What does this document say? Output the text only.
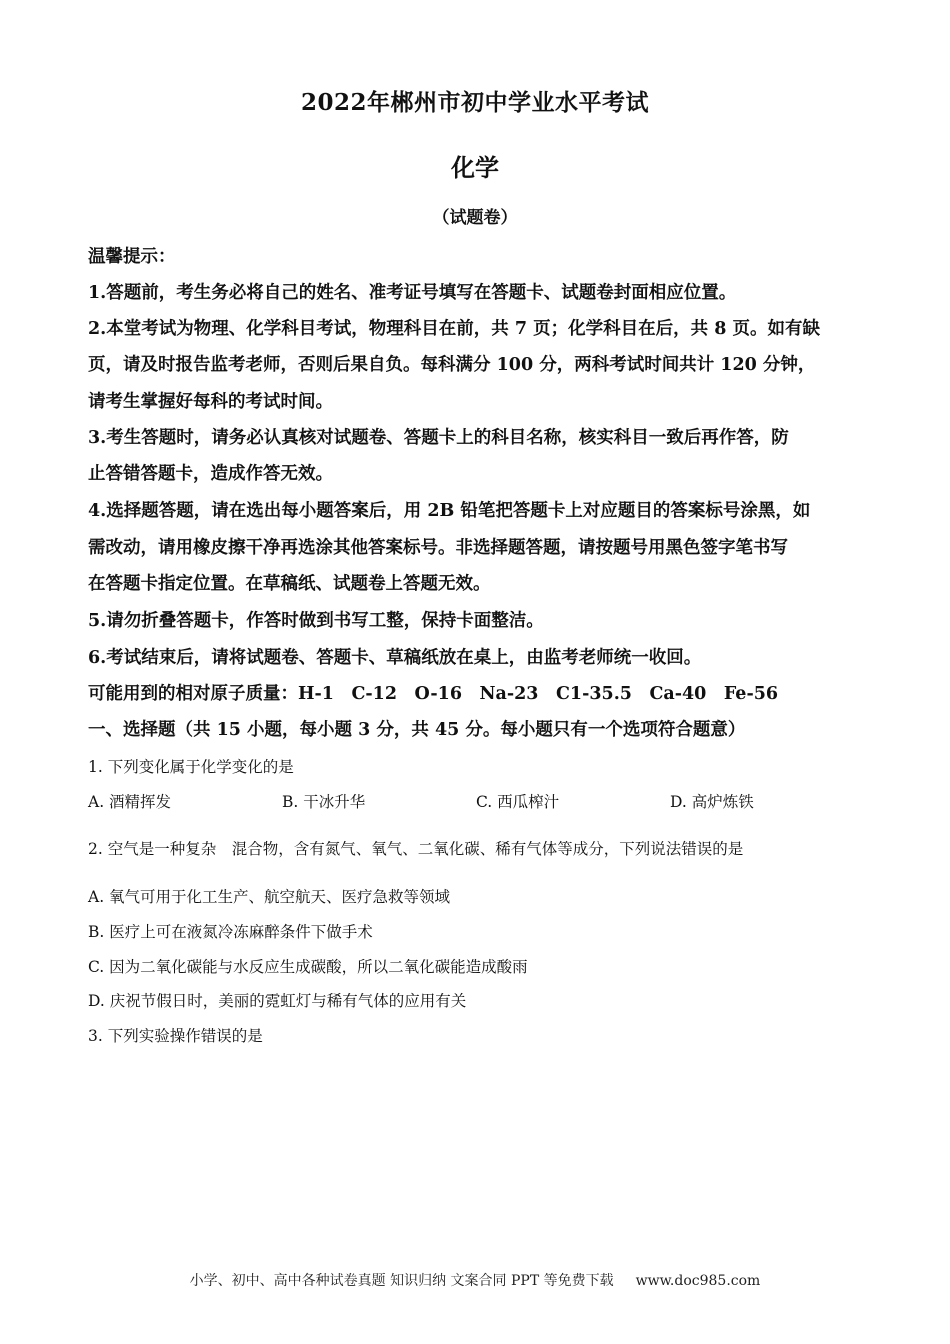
2022年郴州市初中学业水平考试
化学
（试题卷）
温馨提示：
1.答题前，考生务必将自己的姓名、准考证号填写在答题卡、试题卷封面相应位置。
2.本堂考试为物理、化学科目考试，物理科目在前，共 7 页；化学科目在后，共 8 页。如有缺
页，请及时报告监考老师，否则后果自负。每科满分 100 分，两科考试时间共计 120 分钟，
请考生掌握好每科的考试时间。
3.考生答题时，请务必认真核对试题卷、答题卡上的科目名称，核实科目一致后再作答，防
止答错答题卡，造成作答无效。
4.选择题答题，请在选出每小题答案后，用 2B 铅笔把答题卡上对应题目的答案标号涂黑，如
需改动，请用橡皮擦干净再选涂其他答案标号。非选择题答题，请按题号用黑色签字笔书写
在答题卡指定位置。在草稿纸、试题卷上答题无效。
5.请勿折叠答题卡，作答时做到书写工整，保持卡面整洁。
6.考试结束后，请将试题卷、答题卡、草稿纸放在桌上，由监考老师统一收回。
可能用到的相对原子质量：H-1　C-12　O-16　Na-23　C1-35.5　Ca-40　Fe-56
一、选择题（共 15 小题，每小题 3 分，共 45 分。每小题只有一个选项符合题意）
1. 下列变化属于化学变化的是
A. 酒精挥发	B. 干冰升华	C. 西瓜榨汁	D. 高炉炼铁
2. 空气是一种复杂　混合物，含有氮气、氧气、二氧化碳、稀有气体等成分，下列说法错误的是
A. 氧气可用于化工生产、航空航天、医疗急救等领域
B. 医疗上可在液氮冷冻麻醉条件下做手术
C. 因为二氧化碳能与水反应生成碳酸，所以二氧化碳能造成酸雨
D. 庆祝节假日时，美丽的霓虹灯与稀有气体的应用有关
3. 下列实验操作错误的是
小学、初中、高中各种试卷真题 知识归纳 文案合同 PPT 等免费下载 www.doc985.com
